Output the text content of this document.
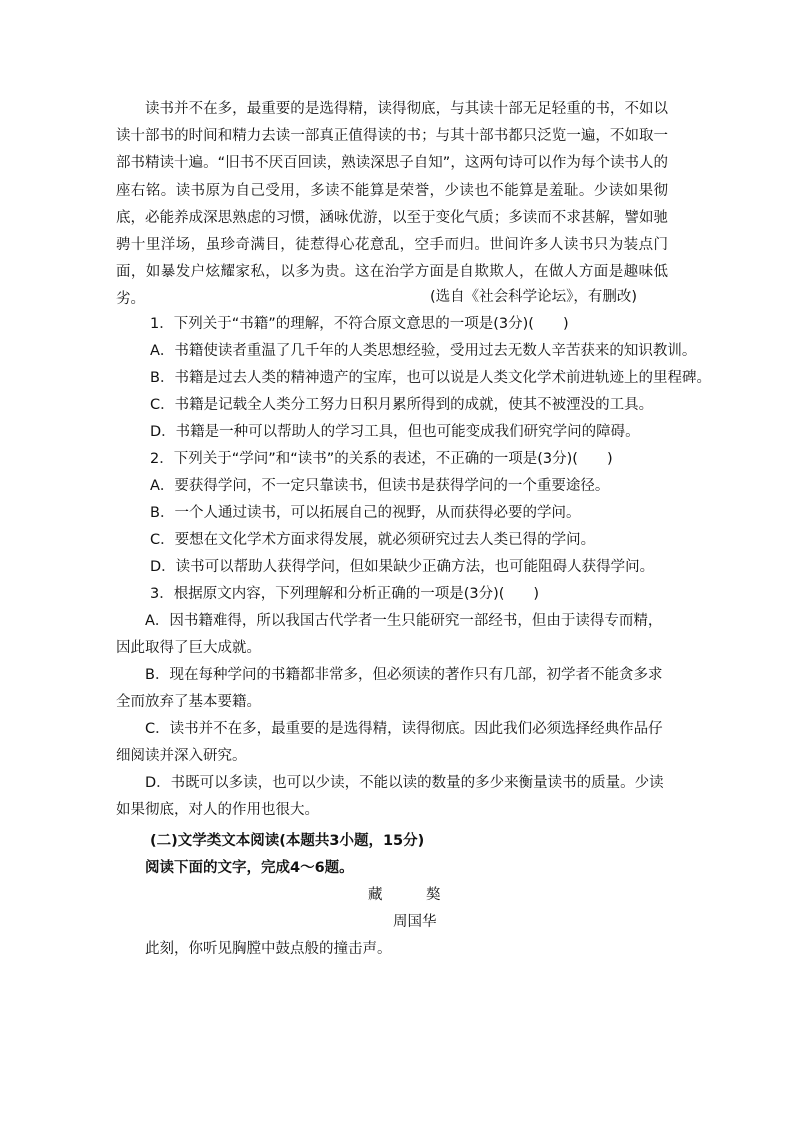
读书并不在多，最重要的是选得精，读得彻底，与其读十部无足轻重的书，不如以读十部书的时间和精力去读一部真正值得读的书；与其十部书都只泛览一遍，不如取一部书精读十遍。“旧书不厌百回读，熟读深思子自知”，这两句诗可以作为每个读书人的座右铭。读书原为自己受用，多读不能算是荣誉，少读也不能算是羞耻。少读如果彻底，必能养成深思熟虑的习惯，涵咏优游，以至于变化气质；多读而不求甚解，譬如驰骋十里洋场，虽珍奇满目，徒惹得心花意乱，空手而归。世间许多人读书只为装点门面，如暴发户炫耀家私，以多为贵。这在治学方面是自欺欺人，在做人方面是趣味低劣。	(选自《社会科学论坛》，有删改)

1．下列关于“书籍”的理解，不符合原文意思的一项是(3分)(　　)

A．书籍使读者重温了几千年的人类思想经验，受用过去无数人辛苦获来的知识教训。

B．书籍是过去人类的精神遗产的宝库，也可以说是人类文化学术前进轨迹上的里程碑。

C．书籍是记载全人类分工努力日积月累所得到的成就，使其不被湮没的工具。

D．书籍是一种可以帮助人的学习工具，但也可能变成我们研究学问的障碍。

2．下列关于“学问”和“读书”的关系的表述，不正确的一项是(3分)(　　)

A．要获得学问，不一定只靠读书，但读书是获得学问的一个重要途径。

B．一个人通过读书，可以拓展自己的视野，从而获得必要的学问。

C．要想在文化学术方面求得发展，就必须研究过去人类已得的学问。

D．读书可以帮助人获得学问，但如果缺少正确方法，也可能阻碍人获得学问。

3．根据原文内容，下列理解和分析正确的一项是(3分)(　　)

A．因书籍难得，所以我国古代学者一生只能研究一部经书，但由于读得专而精，因此取得了巨大成就。

B．现在每种学问的书籍都非常多，但必须读的著作只有几部，初学者不能贪多求全而放弃了基本要籍。

C．读书并不在多，最重要的是选得精，读得彻底。因此我们必须选择经典作品仔细阅读并深入研究。

D．书既可以多读，也可以少读，不能以读的数量的多少来衡量读书的质量。少读如果彻底，对人的作用也很大。

(二)文学类文本阅读(本题共3小题，15分)

阅读下面的文字，完成4～6题。

藏	獒

周国华

此刻，你听见胸膛中鼓点般的撞击声。
